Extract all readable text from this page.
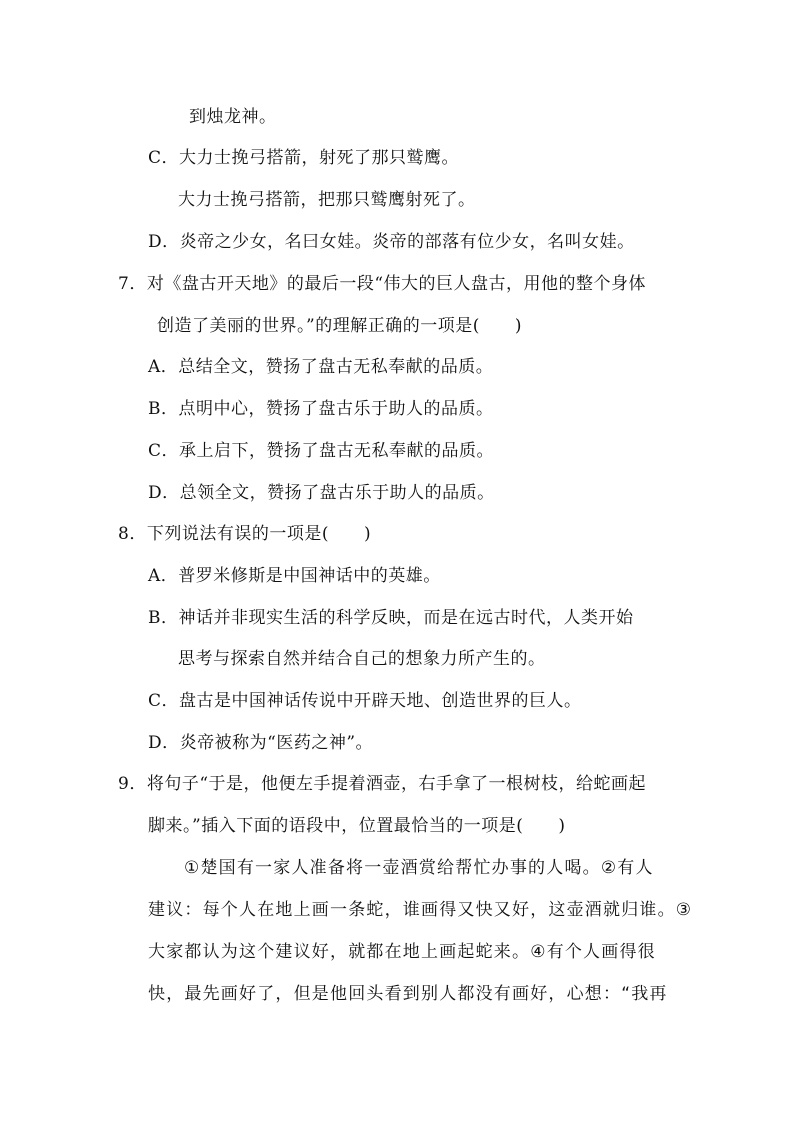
到烛龙神。
C．大力士挽弓搭箭，射死了那只鹫鹰。
大力士挽弓搭箭，把那只鹫鹰射死了。
D．炎帝之少女，名曰女娃。炎帝的部落有位少女，名叫女娃。
7．对《盘古开天地》的最后一段“伟大的巨人盘古，用他的整个身体
创造了美丽的世界。”的理解正确的一项是(　　)
A．总结全文，赞扬了盘古无私奉献的品质。
B．点明中心，赞扬了盘古乐于助人的品质。
C．承上启下，赞扬了盘古无私奉献的品质。
D．总领全文，赞扬了盘古乐于助人的品质。
8．下列说法有误的一项是(　　)
A．普罗米修斯是中国神话中的英雄。
B．神话并非现实生活的科学反映，而是在远古时代，人类开始
思考与探索自然并结合自己的想象力所产生的。
C．盘古是中国神话传说中开辟天地、创造世界的巨人。
D．炎帝被称为“医药之神”。
9．将句子“于是，他便左手提着酒壶，右手拿了一根树枝，给蛇画起
脚来。”插入下面的语段中，位置最恰当的一项是(　　)
①楚国有一家人准备将一壶酒赏给帮忙办事的人喝。②有人
建议：每个人在地上画一条蛇，谁画得又快又好，这壶酒就归谁。③
大家都认为这个建议好，就都在地上画起蛇来。④有个人画得很
快，最先画好了，但是他回头看到别人都没有画好，心想：“我再
